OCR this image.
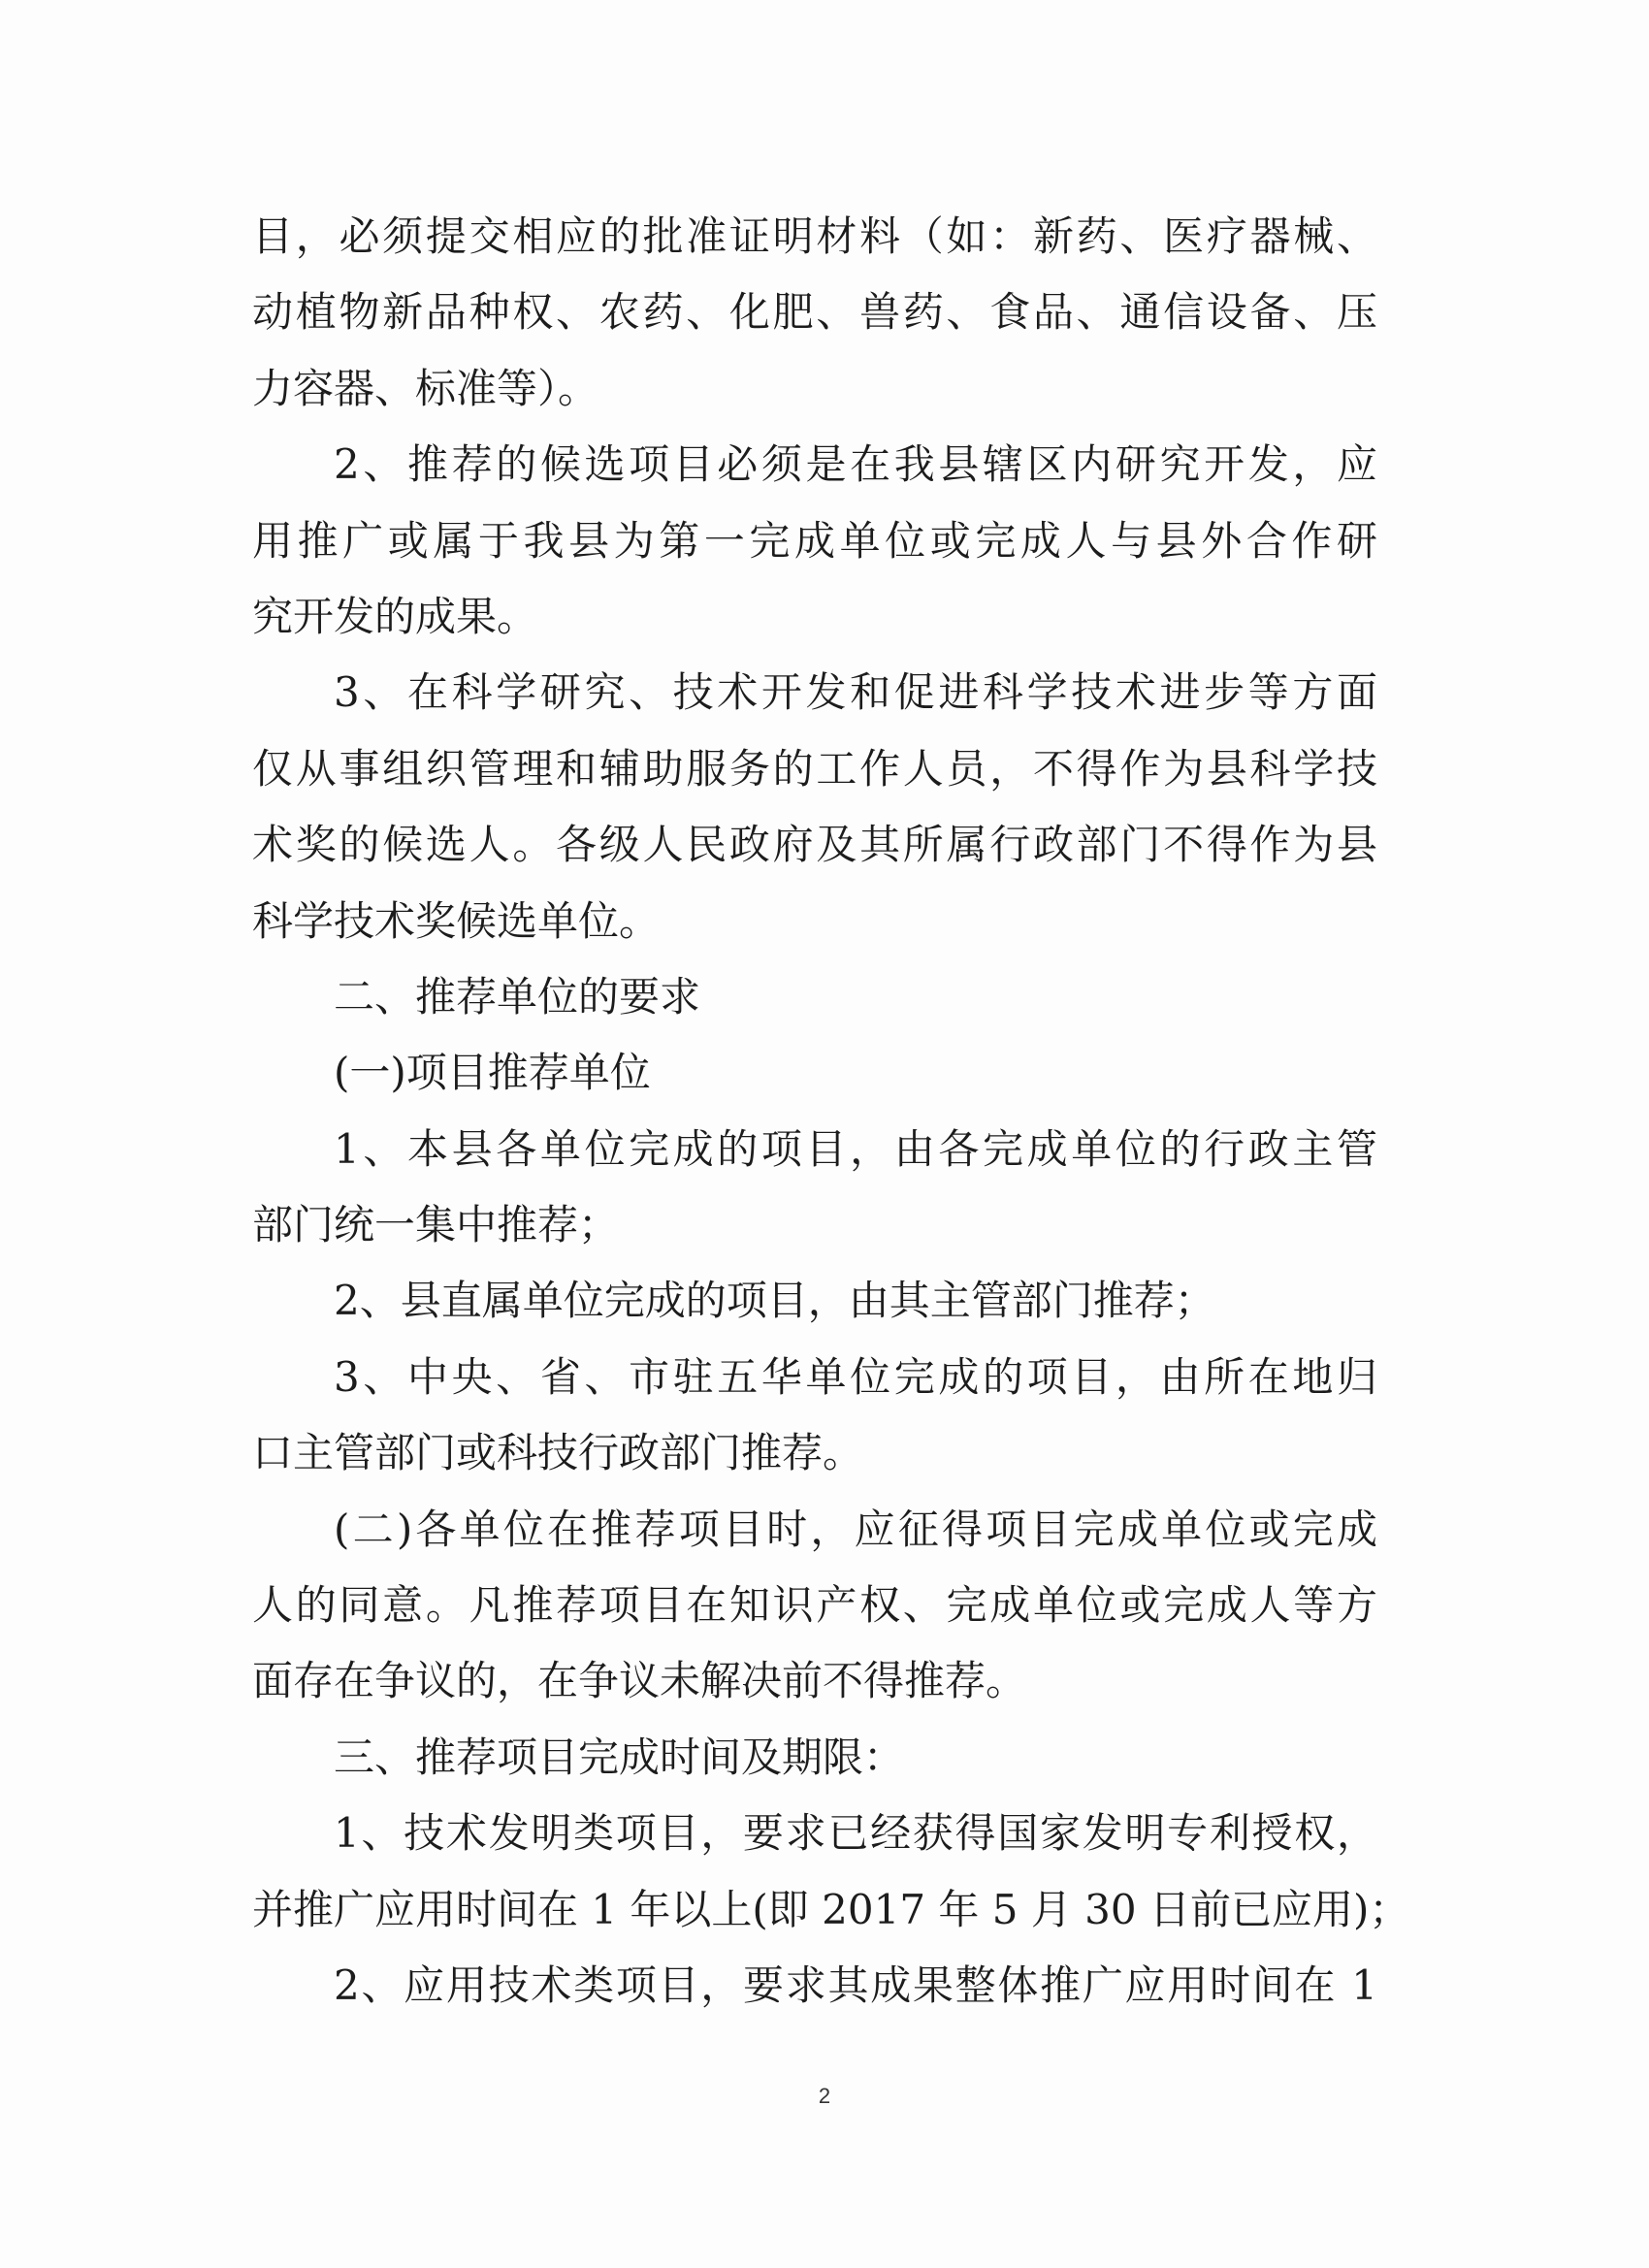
目，必须提交相应的批准证明材料（如：新药、医疗器械、
动植物新品种权、农药、化肥、兽药、食品、通信设备、压
力容器、标准等）。
2、推荐的候选项目必须是在我县辖区内研究开发，应
用推广或属于我县为第一完成单位或完成人与县外合作研
究开发的成果。
3、在科学研究、技术开发和促进科学技术进步等方面
仅从事组织管理和辅助服务的工作人员，不得作为县科学技
术奖的候选人。各级人民政府及其所属行政部门不得作为县
科学技术奖候选单位。
二、推荐单位的要求
(一)项目推荐单位
1、本县各单位完成的项目，由各完成单位的行政主管
部门统一集中推荐；
2、县直属单位完成的项目，由其主管部门推荐；
3、中央、省、市驻五华单位完成的项目，由所在地归
口主管部门或科技行政部门推荐。
(二)各单位在推荐项目时，应征得项目完成单位或完成
人的同意。凡推荐项目在知识产权、完成单位或完成人等方
面存在争议的，在争议未解决前不得推荐。
三、推荐项目完成时间及期限：
1、技术发明类项目，要求已经获得国家发明专利授权，
并推广应用时间在 1 年以上(即 2017 年 5 月 30 日前已应用)；
2、应用技术类项目，要求其成果整体推广应用时间在 1
2
